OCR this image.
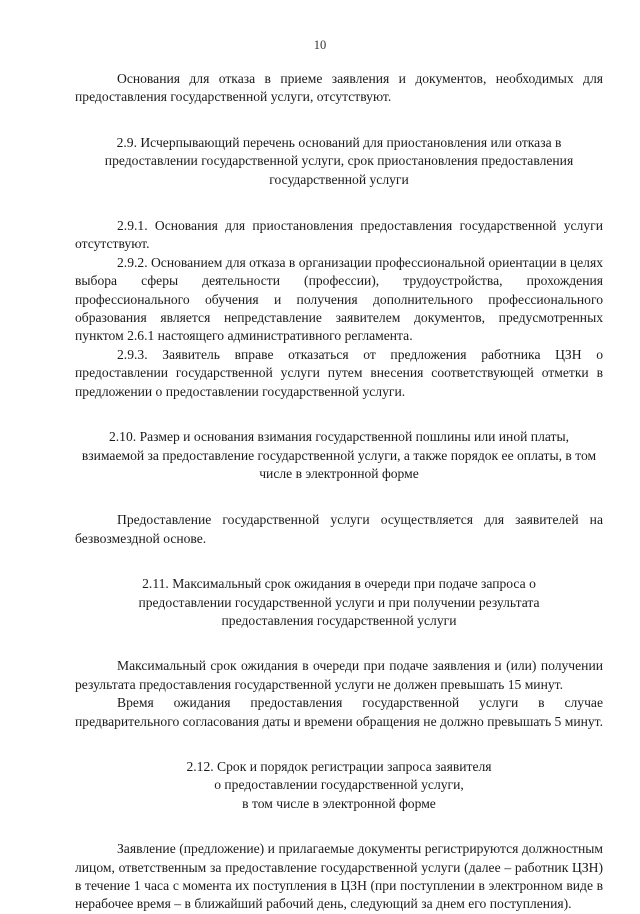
10

Основания для отказа в приеме заявления и документов, необходимых для предоставления государственной услуги, отсутствуют.

2.9. Исчерпывающий перечень оснований для приостановления или отказа в предоставлении государственной услуги, срок приостановления предоставления государственной услуги

2.9.1. Основания для приостановления предоставления государственной услуги отсутствуют.

2.9.2. Основанием для отказа в организации профессиональной ориентации в целях выбора сферы деятельности (профессии), трудоустройства, прохождения профессионального обучения и получения дополнительного профессионального образования является непредставление заявителем документов, предусмотренных пунктом 2.6.1 настоящего административного регламента.

2.9.3. Заявитель вправе отказаться от предложения работника ЦЗН о предоставлении государственной услуги путем внесения соответствующей отметки в предложении о предоставлении государственной услуги.

2.10. Размер и основания взимания государственной пошлины или иной платы, взимаемой за предоставление государственной услуги, а также порядок ее оплаты, в том числе в электронной форме

Предоставление государственной услуги осуществляется для заявителей на безвозмездной основе.

2.11. Максимальный срок ожидания в очереди при подаче запроса о предоставлении государственной услуги и при получении результата предоставления государственной услуги

Максимальный срок ожидания в очереди при подаче заявления и (или) получении результата предоставления государственной услуги не должен превышать 15 минут.

Время ожидания предоставления государственной услуги в случае предварительного согласования даты и времени обращения не должно превышать 5 минут.

2.12. Срок и порядок регистрации запроса заявителя
о предоставлении государственной услуги,
в том числе в электронной форме

Заявление (предложение) и прилагаемые документы регистрируются должностным лицом, ответственным за предоставление государственной услуги (далее – работник ЦЗН) в течение 1 часа с момента их поступления в ЦЗН (при поступлении в электронном виде в нерабочее время – в ближайший рабочий день, следующий за днем его поступления).
